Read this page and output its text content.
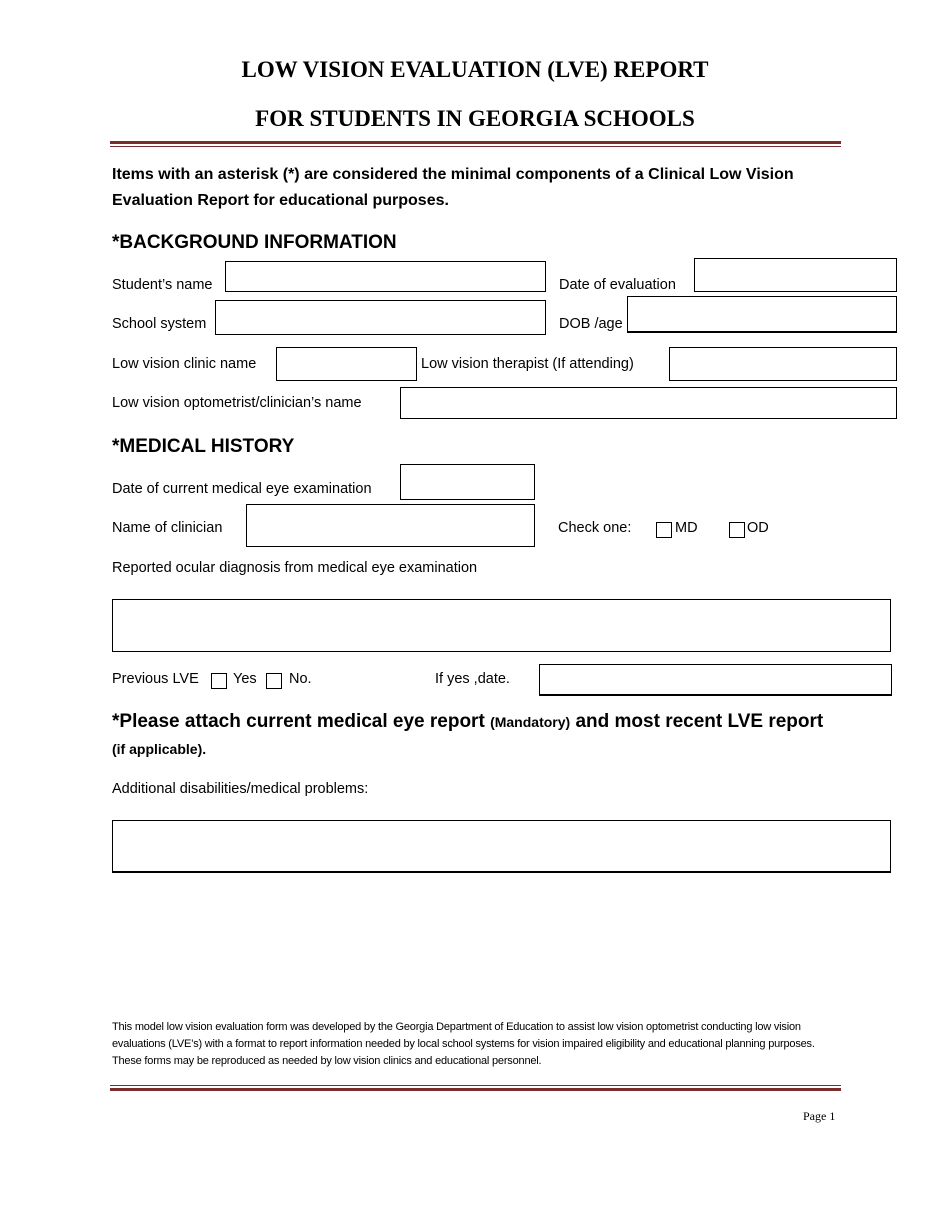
LOW VISION EVALUATION (LVE) REPORT
FOR STUDENTS IN GEORGIA SCHOOLS
Items with an asterisk (*) are considered the minimal components of a Clinical Low Vision Evaluation Report for educational purposes.
*BACKGROUND INFORMATION
Student’s name	Date of evaluation
School system	DOB /age
Low vision clinic name	Low vision therapist (If attending)
Low vision optometrist/clinician’s name
*MEDICAL HISTORY
Date of current medical eye examination
Name of clinician	Check one:	MD	OD
Reported ocular diagnosis from medical eye examination
Previous LVE Yes No.	If yes ,date.
*Please attach current medical eye report (Mandatory) and most recent LVE report
(if applicable).
Additional disabilities/medical problems:
This model low vision evaluation form was developed by the Georgia Department of Education to assist low vision optometrist conducting low vision evaluations (LVE’s) with a format to report information needed by local school systems for vision impaired eligibility and educational planning purposes. These forms may be reproduced as needed by low vision clinics and educational personnel.
Page 1
